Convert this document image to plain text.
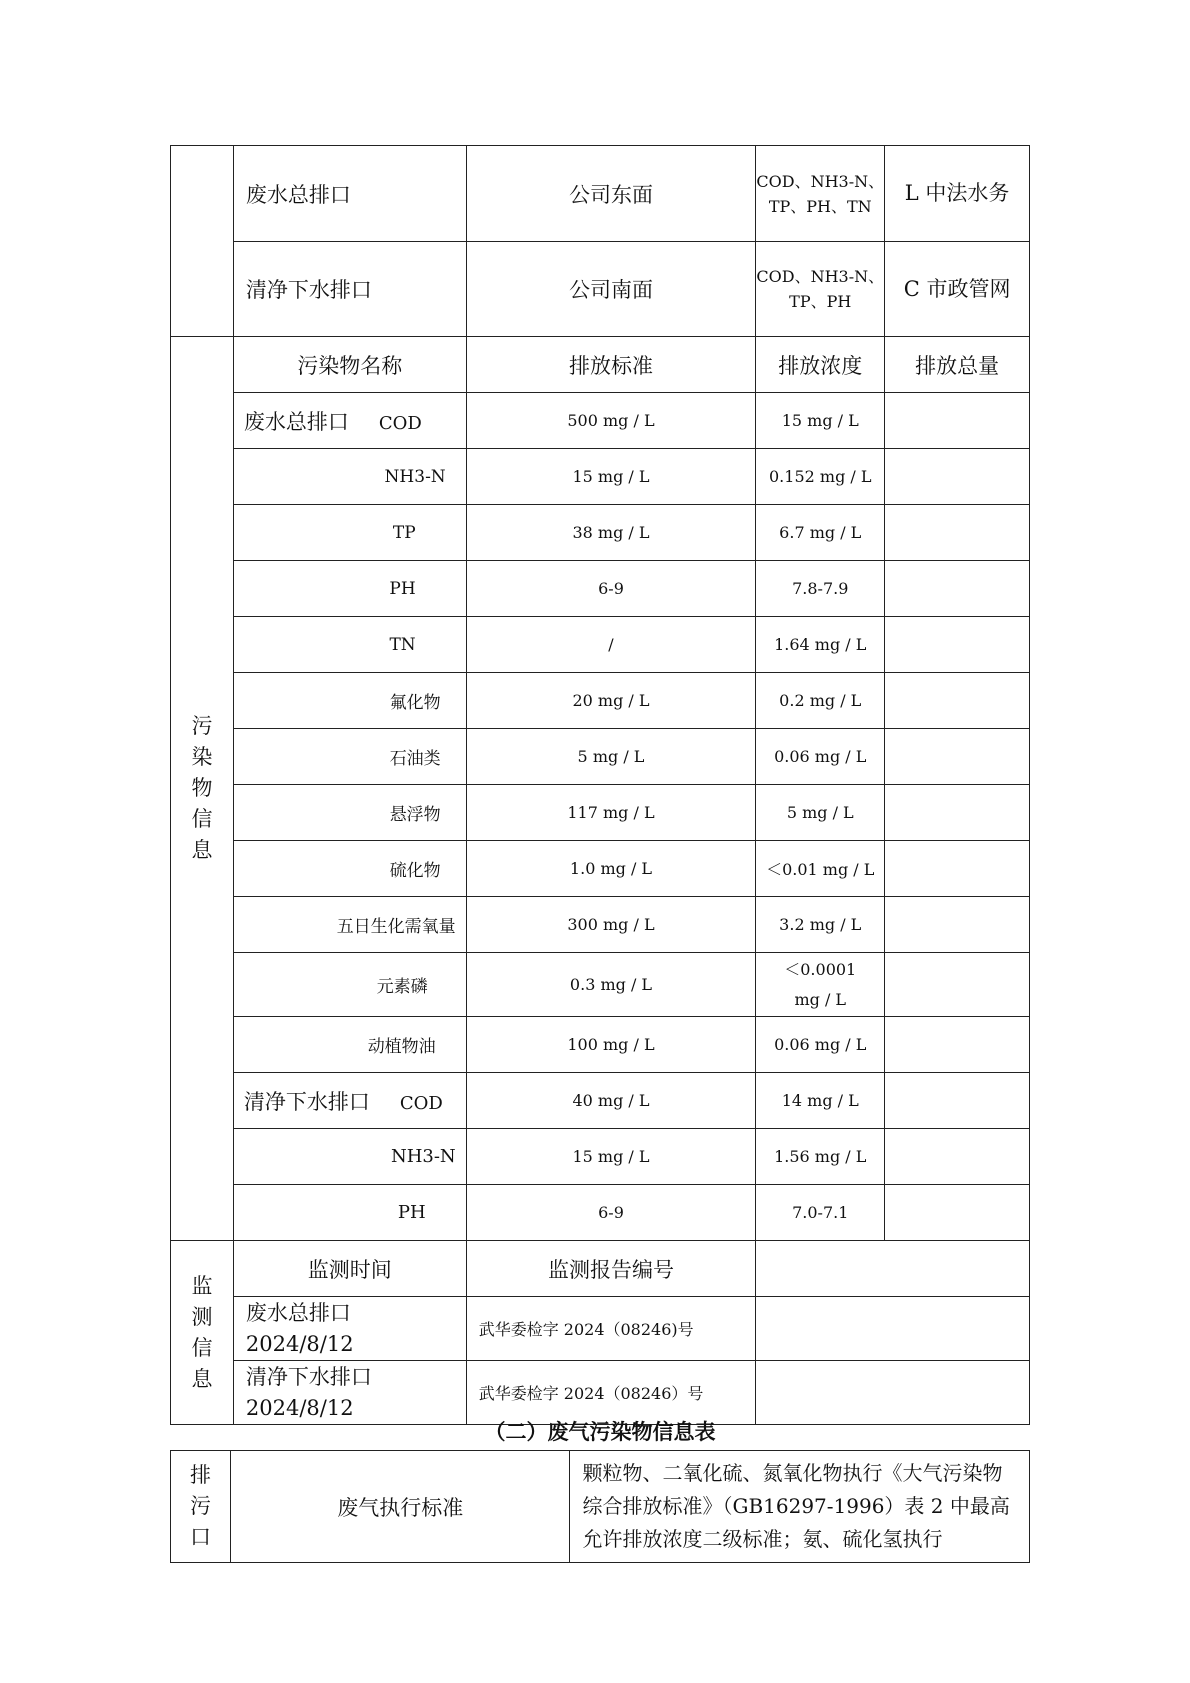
	废水总排口	公司东面	COD、NH3-N、TP、PH、TN	L 中法水务
	清净下水排口	公司南面	COD、NH3-N、TP、PH	C 市政管网

污
染
物
信
息	污染物名称	排放标准	排放浓度	排放总量
	废水总排口 COD	500 mg / L	15 mg / L	
	NH3-N	15 mg / L	0.152 mg / L	
	TP	38 mg / L	6.7 mg / L	
	PH	6-9	7.8-7.9	
	TN	/	1.64 mg / L	
	氟化物	20 mg / L	0.2 mg / L	
	石油类	5 mg / L	0.06 mg / L	
	悬浮物	117 mg / L	5 mg / L	
	硫化物	1.0 mg / L	＜0.01 mg / L	
	五日生化需氧量	300 mg / L	3.2 mg / L	
	元素磷	0.3 mg / L	＜0.0001 mg / L	
	动植物油	100 mg / L	0.06 mg / L	
	清净下水排口 COD	40 mg / L	14 mg / L	
	NH3-N	15 mg / L	1.56 mg / L	
	PH	6-9	7.0-7.1	

监
测
信
息	监测时间	监测报告编号		

	废水总排口
2024/8/12	武华委检字 2024（08246)号		

	清净下水排口
2024/8/12	武华委检字 2024（08246）号		
（二）废气污染物信息表
排
污
口
	废气执行标准	颗粒物、二氧化硫、氮氧化物执行《大气污染物综合排放标准》（GB16297-1996）表 2 中最高允许排放浓度二级标准；氨、硫化氢执行
